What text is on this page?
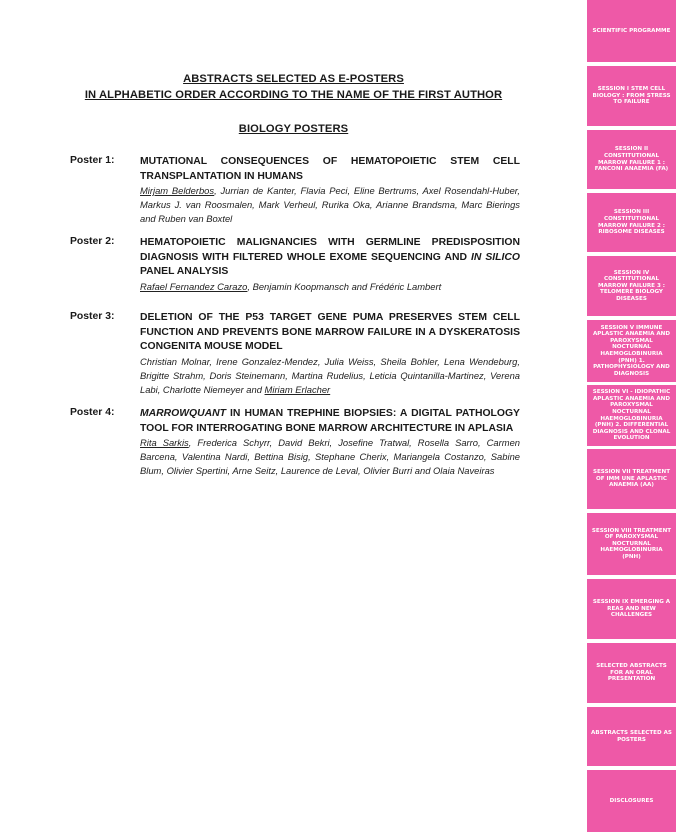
SCIENTIFIC PROGRAMME
SESSION I STEM CELL BIOLOGY : FROM STRESS TO FAILURE
SESSION II CONSTITUTIONAL MARROW FAILURE 1 : FANCONI ANAEMIA (FA)
SESSION III CONSTITUTIONAL MARROW FAILURE 2 : RIBOSOME DISEASES
SESSION IV CONSTITUTIONAL MARROW FAILURE 3 : TELOMERE BIOLOGY DISEASES
SESSION V IMMUNE APLASTIC ANAEMIA AND PAROXYSMAL NOCTURNAL HAEMOGLOBINURIA (PNH) 1. PATHOPHYSIOLOGY AND DIAGNOSIS
SESSION VI - IDIOPATHIC APLASTIC ANAEMIA AND PAROXYSMAL NOCTURNAL HAEMOGLOBINURIA (PNH) 2. DIFFERENTIAL DIAGNOSIS AND CLONAL EVOLUTION
SESSION VII TREATMENT OF IMM UNE APLASTIC ANAEMIA (AA)
SESSION VIII TREATMENT OF PAROXYSMAL NOCTURNAL HAEMOGLOBINURIA (PNH)
SESSION IX EMERGING A REAS AND NEW CHALLENGES
SELECTED ABSTRACTS FOR AN ORAL PRESENTATION
ABSTRACTS SELECTED AS POSTERS
DISCLOSURES
ABSTRACTS SELECTED AS E-POSTERS
IN ALPHABETIC ORDER ACCORDING TO THE NAME OF THE FIRST AUTHOR
BIOLOGY POSTERS
Poster 1: MUTATIONAL CONSEQUENCES OF HEMATOPOIETIC STEM CELL TRANSPLANTATION IN HUMANS
Mirjam Belderbos, Jurrian de Kanter, Flavia Peci, Eline Bertrums, Axel Rosendahl-Huber, Markus J. van Roosmalen, Mark Verheul, Rurika Oka, Arianne Brandsma, Marc Bierings and Ruben van Boxtel
Poster 2: HEMATOPOIETIC MALIGNANCIES WITH GERMLINE PREDISPOSITION DIAGNOSIS WITH FILTERED WHOLE EXOME SEQUENCING AND IN SILICO PANEL ANALYSIS
Rafael Fernandez Carazo, Benjamin Koopmansch and Frédéric Lambert
Poster 3: DELETION OF THE P53 TARGET GENE PUMA PRESERVES STEM CELL FUNCTION AND PREVENTS BONE MARROW FAILURE IN A DYSKERATOSIS CONGENITA MOUSE MODEL
Christian Molnar, Irene Gonzalez-Mendez, Julia Weiss, Sheila Bohler, Lena Wendeburg, Brigitte Strahm, Doris Steinemann, Martina Rudelius, Leticia Quintanilla-Martinez, Verena Labi, Charlotte Niemeyer and Miriam Erlacher
Poster 4: MARROWQUANT IN HUMAN TREPHINE BIOPSIES: A DIGITAL PATHOLOGY TOOL FOR INTERROGATING BONE MARROW ARCHITECTURE IN APLASIA
Rita Sarkis, Frederica Schyrr, David Bekri, Josefine Tratwal, Rosella Sarro, Carmen Barcena, Valentina Nardi, Bettina Bisig, Stephane Cherix, Mariangela Costanzo, Sabine Blum, Olivier Spertini, Arne Seitz, Laurence de Leval, Olivier Burri and Olaia Naveiras
